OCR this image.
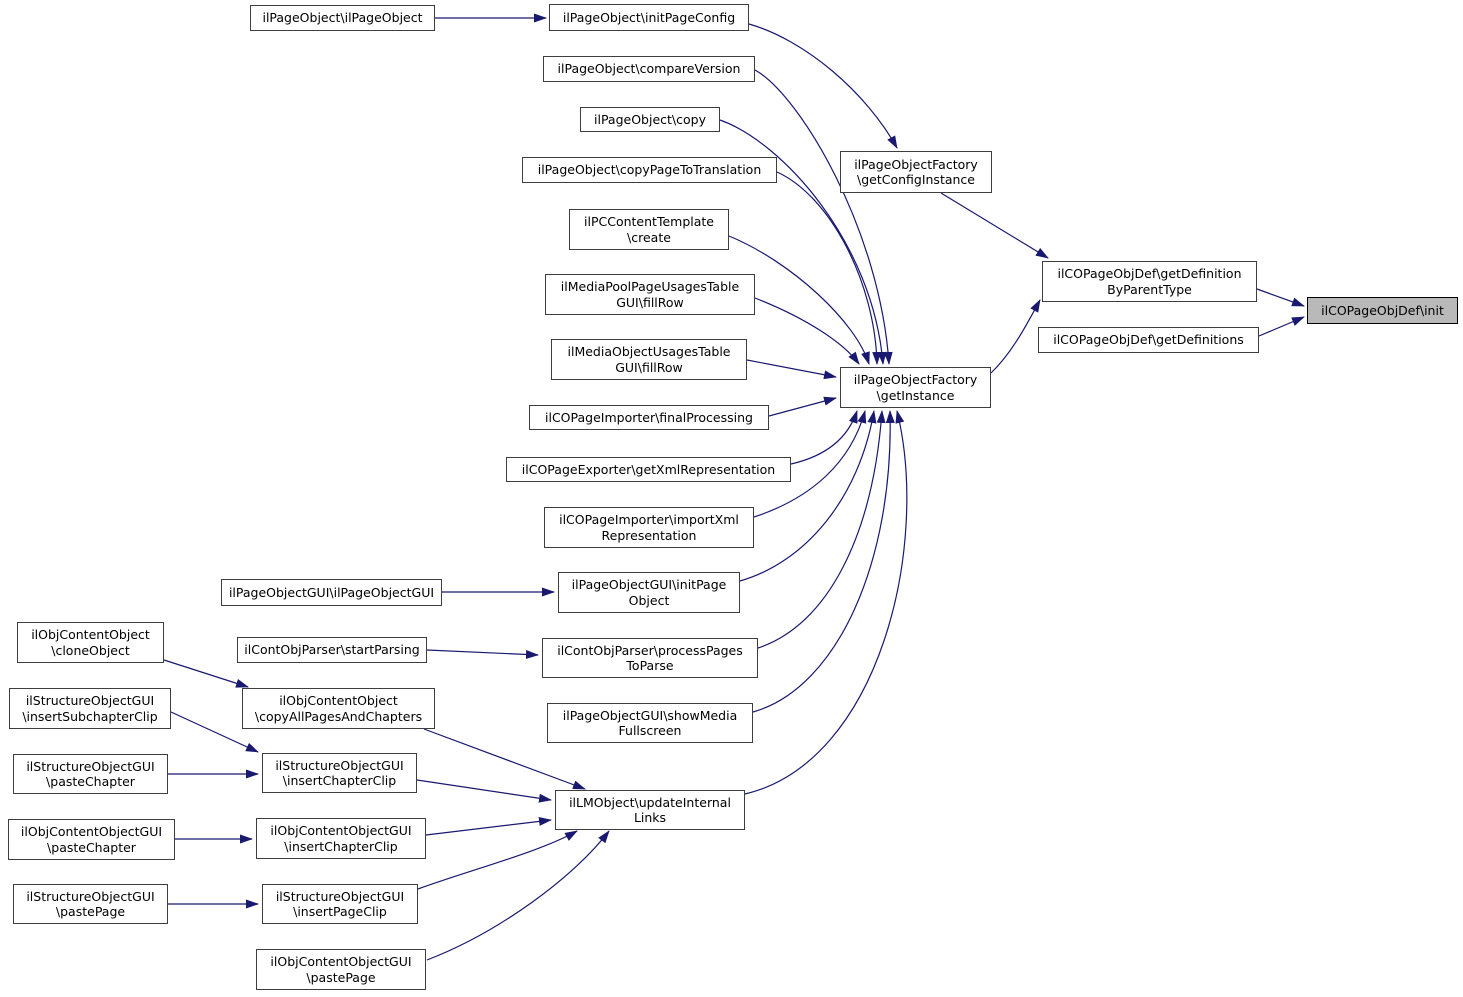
ilPageObject\ilPageObject	ilPageObject\initPageConfig
ilPageObject\compareVersion
ilPageObject\copy
ilPageObject\copyPageToTranslation
ilPCContentTemplate
\create
ilMediaPoolPageUsagesTable
GUI\fillRow
ilMediaObjectUsagesTable
GUI\fillRow
ilCOPageImporter\finalProcessing
ilCOPageExporter\getXmlRepresentation
ilCOPageImporter\importXml
Representation
ilPageObjectGUI\initPage
Object
ilPageObjectGUI\ilPageObjectGUI
ilContObjParser\startParsing	ilContObjParser\processPages
ToParse
ilPageObjectGUI\showMedia
Fullscreen
ilObjContentObject
\cloneObject
ilObjContentObject
\copyAllPagesAndChapters
ilStructureObjectGUI
\insertSubchapterClip
ilStructureObjectGUI
\pasteChapter
ilStructureObjectGUI
\insertChapterClip
ilObjContentObjectGUI
\pasteChapter
ilObjContentObjectGUI
\insertChapterClip
ilStructureObjectGUI
\pastePage
ilStructureObjectGUI
\insertPageClip
ilObjContentObjectGUI
\pastePage
ilLMObject\updateInternal
Links
ilPageObjectFactory
\getConfigInstance
ilPageObjectFactory
\getInstance
ilCOPageObjDef\getDefinition
ByParentType
ilCOPageObjDef\getDefinitions
ilCOPageObjDef\init
